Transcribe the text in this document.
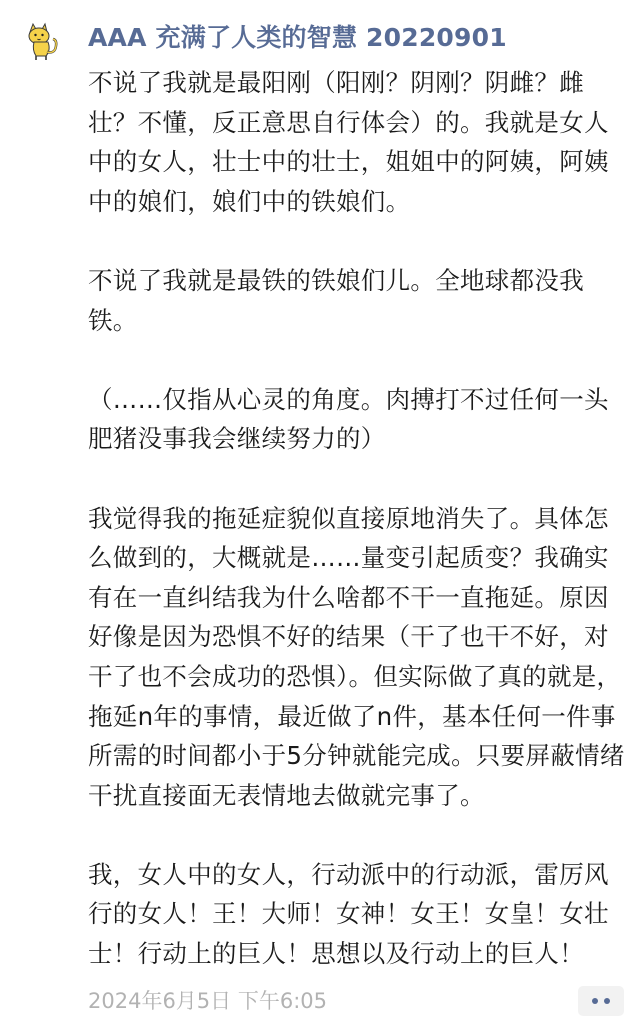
AAA 充满了人类的智慧 20220901

不说了我就是最阳刚（阳刚？阴刚？阴雌？雌壮？不懂，反正意思自行体会）的。我就是女人中的女人，壮士中的壮士，姐姐中的阿姨，阿姨中的娘们，娘们中的铁娘们。

不说了我就是最铁的铁娘们儿。全地球都没我铁。

（……仅指从心灵的角度。肉搏打不过任何一头肥猪没事我会继续努力的）

我觉得我的拖延症貌似直接原地消失了。具体怎么做到的，大概就是……量变引起质变？我确实有在一直纠结我为什么啥都不干一直拖延。原因好像是因为恐惧不好的结果（干了也干不好，对干了也不会成功的恐惧）。但实际做了真的就是，拖延n年的事情，最近做了n件，基本任何一件事所需的时间都小于5分钟就能完成。只要屏蔽情绪干扰直接面无表情地去做就完事了。

我，女人中的女人，行动派中的行动派，雷厉风行的女人！王！大师！女神！女王！女皇！女壮士！行动上的巨人！思想以及行动上的巨人！

2024年6月5日 下午6:05
